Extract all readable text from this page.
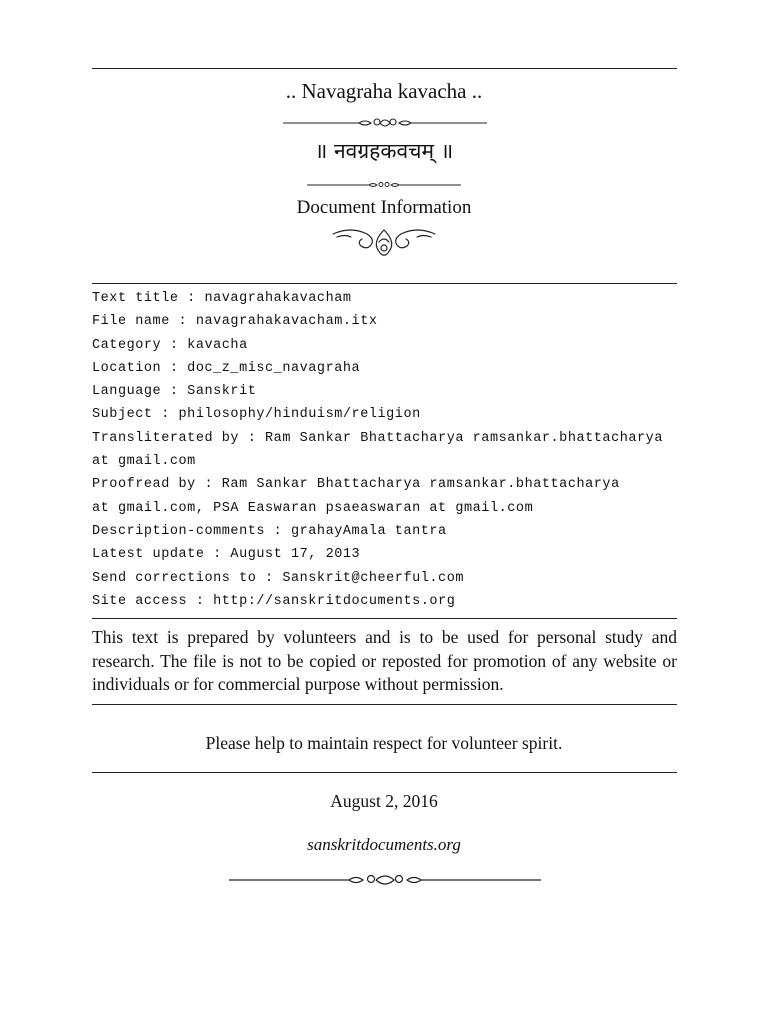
.. Navagraha kavacha ..
॥ नवग्रहकवचम् ॥
Document Information
Text title : navagrahakavacham
File name : navagrahakavacham.itx
Category : kavacha
Location : doc_z_misc_navagraha
Language : Sanskrit
Subject : philosophy/hinduism/religion
Transliterated by : Ram Sankar Bhattacharya ramsankar.bhattacharya
at gmail.com
Proofread by : Ram Sankar Bhattacharya ramsankar.bhattacharya
at gmail.com, PSA Easwaran psaeaswaran at gmail.com
Description-comments : grahayAmala tantra
Latest update : August 17, 2013
Send corrections to : Sanskrit@cheerful.com
Site access : http://sanskritdocuments.org
This text is prepared by volunteers and is to be used for personal study and research. The file is not to be copied or reposted for promotion of any website or individuals or for commercial purpose without permission.
Please help to maintain respect for volunteer spirit.
August 2, 2016
sanskritdocuments.org
